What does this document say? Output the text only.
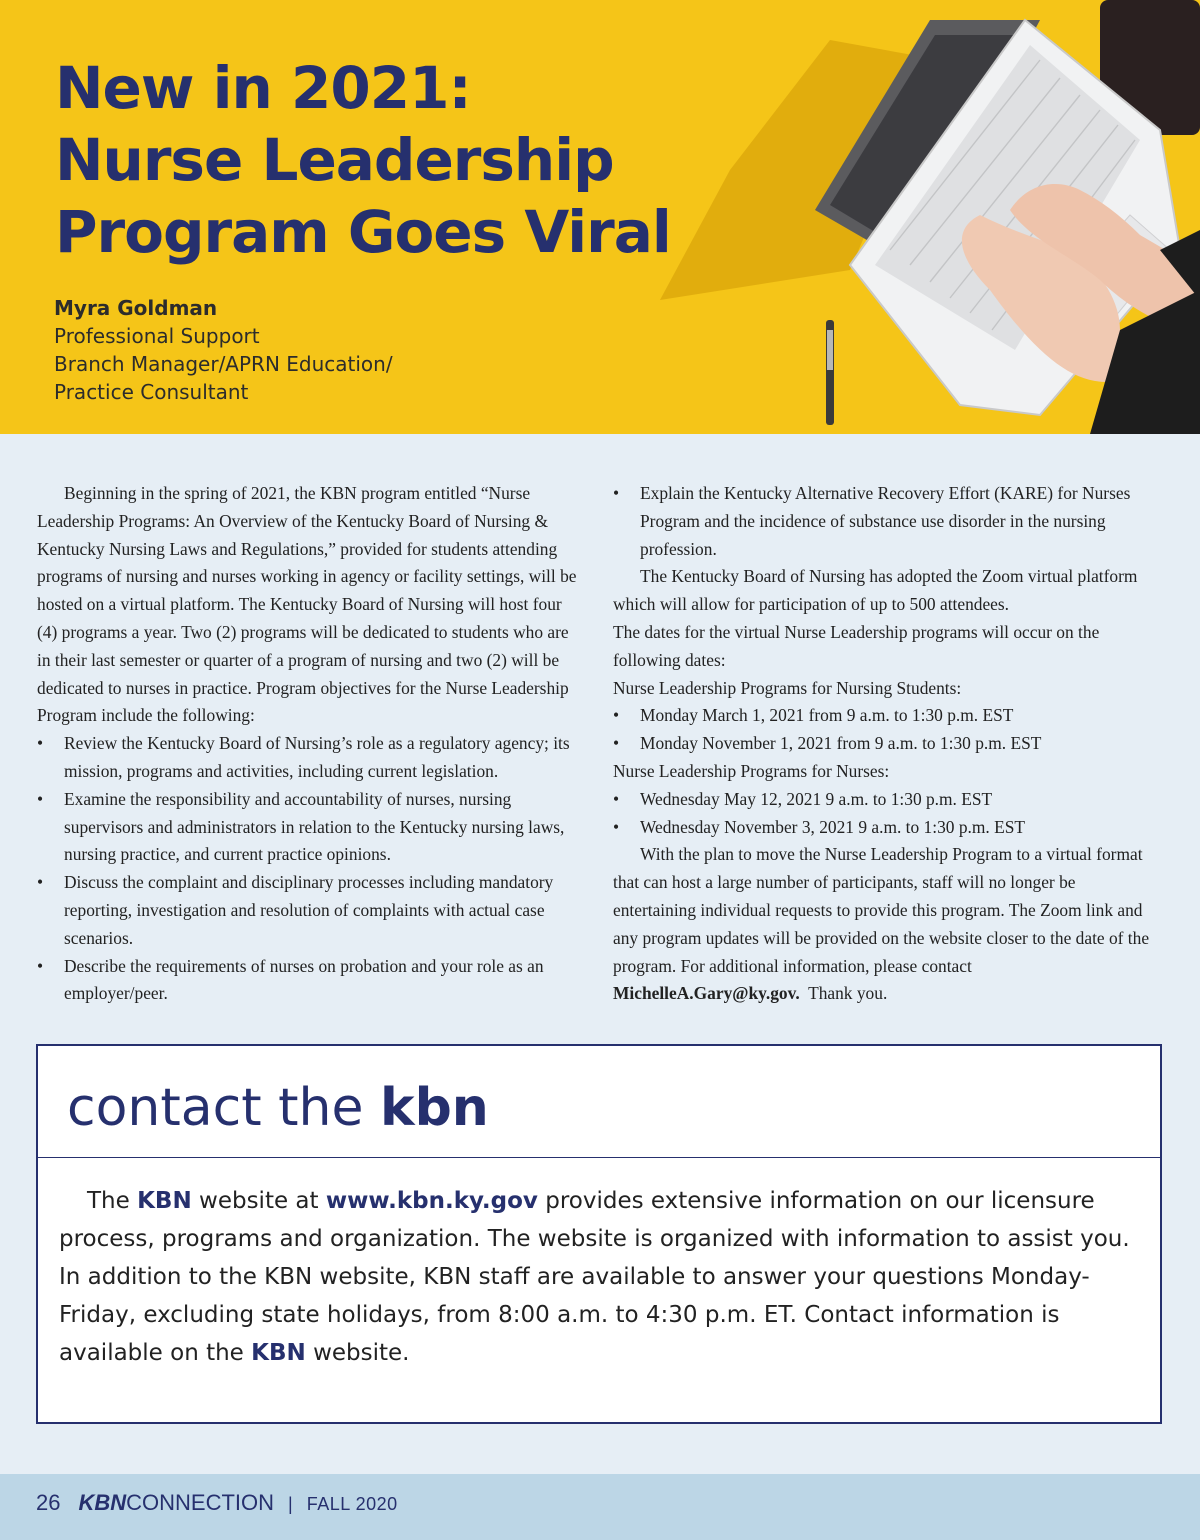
New in 2021:
Nurse Leadership
Program Goes Viral
Myra Goldman
Professional Support
Branch Manager/APRN Education/
Practice Consultant

Beginning in the spring of 2021, the KBN program entitled “Nurse Leadership Programs: An Overview of the Kentucky Board of Nursing & Kentucky Nursing Laws and Regulations,” provided for students attending programs of nursing and nurses working in agency or facility settings, will be hosted on a virtual platform. The Kentucky Board of Nursing will host four (4) programs a year. Two (2) programs will be dedicated to students who are in their last semester or quarter of a program of nursing and two (2) will be dedicated to nurses in practice. Program objectives for the Nurse Leadership Program include the following:

• Review the Kentucky Board of Nursing’s role as a regulatory agency; its mission, programs and activities, including current legislation.
• Examine the responsibility and accountability of nurses, nursing supervisors and administrators in relation to the Kentucky nursing laws, nursing practice, and current practice opinions.
• Discuss the complaint and disciplinary processes including mandatory reporting, investigation and resolution of complaints with actual case scenarios.
• Describe the requirements of nurses on probation and your role as an employer/peer.
• Explain the Kentucky Alternative Recovery Effort (KARE) for Nurses Program and the incidence of substance use disorder in the nursing profession.

The Kentucky Board of Nursing has adopted the Zoom virtual platform which will allow for participation of up to 500 attendees.

The dates for the virtual Nurse Leadership programs will occur on the following dates:

Nurse Leadership Programs for Nursing Students:

• Monday March 1, 2021 from 9 a.m. to 1:30 p.m. EST
• Monday November 1, 2021 from 9 a.m. to 1:30 p.m. EST

Nurse Leadership Programs for Nurses:

• Wednesday May 12, 2021 9 a.m. to 1:30 p.m. EST
• Wednesday November 3, 2021 9 a.m. to 1:30 p.m. EST

With the plan to move the Nurse Leadership Program to a virtual format that can host a large number of participants, staff will no longer be entertaining individual requests to provide this program. The Zoom link and any program updates will be provided on the website closer to the date of the program. For additional information, please contact MichelleA.Gary@ky.gov. Thank you.

contact the kbn
The KBN website at www.kbn.ky.gov provides extensive information on our licensure process, programs and organization. The website is organized with information to assist you. In addition to the KBN website, KBN staff are available to answer your questions Monday-Friday, excluding state holidays, from 8:00 a.m. to 4:30 p.m. ET. Contact information is available on the KBN website.
26 KBNCONNECTION | FALL 2020
